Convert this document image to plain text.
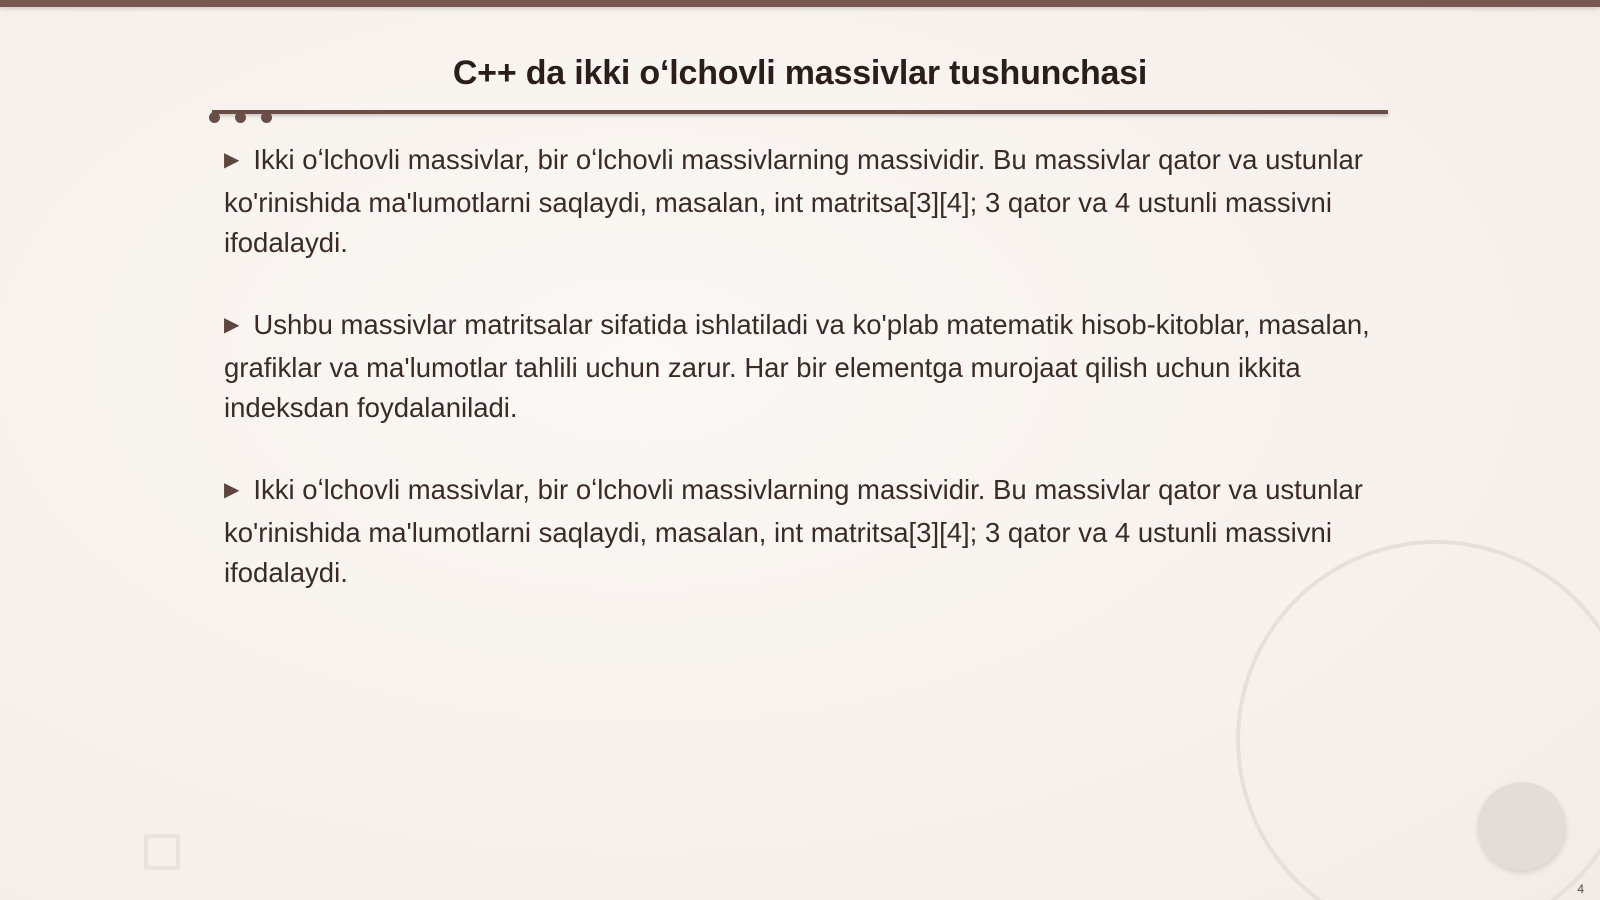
C++ da ikki oʻlchovli massivlar tushunchasi
▶ Ikki oʻlchovli massivlar, bir oʻlchovli massivlarning massividir. Bu massivlar qator va ustunlar ko'rinishida ma'lumotlarni saqlaydi, masalan, int matritsa[3][4]; 3 qator va 4 ustunli massivni ifodalaydi.
▶ Ushbu massivlar matritsalar sifatida ishlatiladi va ko'plab matematik hisob-kitoblar, masalan, grafiklar va ma'lumotlar tahlili uchun zarur. Har bir elementga murojaat qilish uchun ikkita indeksdan foydalaniladi.
▶ Ikki oʻlchovli massivlar, bir oʻlchovli massivlarning massividir. Bu massivlar qator va ustunlar ko'rinishida ma'lumotlarni saqlaydi, masalan, int matritsa[3][4]; 3 qator va 4 ustunli massivni ifodalaydi.
4
